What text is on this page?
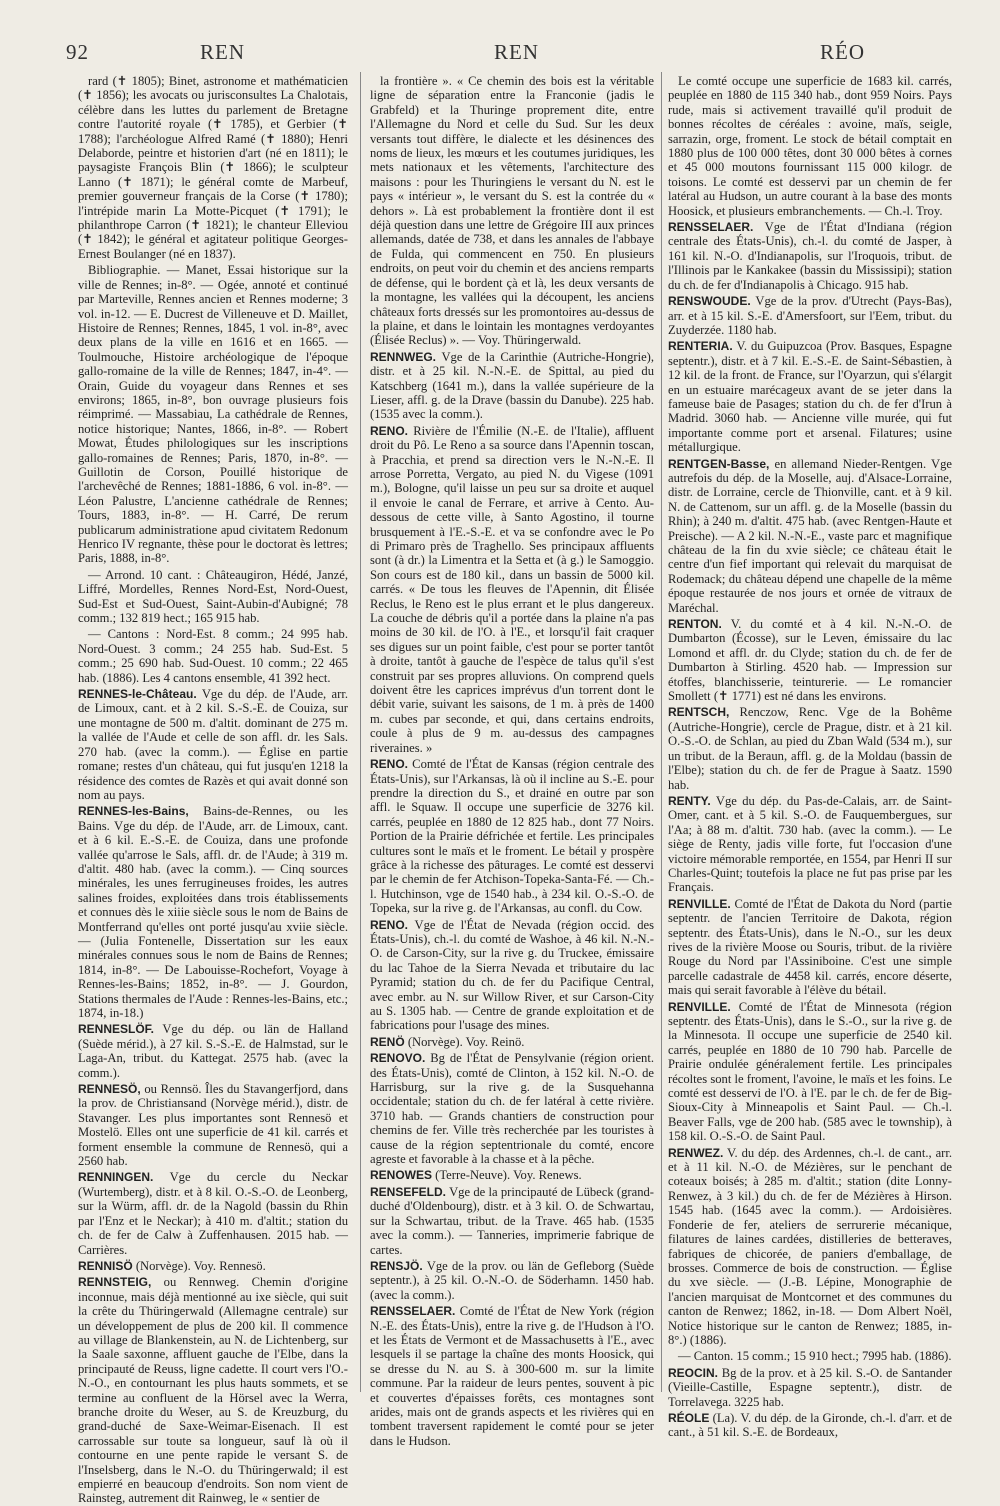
92	REN	REN	RÉO

rard (✝ 1805); Binet, astronome et mathématicien (✝ 1856); les avocats ou jurisconsultes La Chalotais, célèbre dans les luttes du parlement de Bretagne contre l'autorité royale (✝ 1785), et Gerbier (✝ 1788); l'archéologue Alfred Ramé (✝ 1880); Henri Delaborde, peintre et historien d'art (né en 1811); le paysagiste François Blin (✝ 1866); le sculpteur Lanno (✝ 1871); le général comte de Marbeuf, premier gouverneur français de la Corse (✝ 1780); l'intrépide marin La Motte-Picquet (✝ 1791); le philanthrope Carron (✝ 1821); le chanteur Elleviou (✝ 1842); le général et agitateur politique Georges-Ernest Boulanger (né en 1837).

Bibliographie. — Manet, Essai historique sur la ville de Rennes; in-8°. — Ogée, annoté et continué par Marteville, Rennes ancien et Rennes moderne; 3 vol. in-12. — E. Ducrest de Villeneuve et D. Maillet, Histoire de Rennes; Rennes, 1845, 1 vol. in-8°, avec deux plans de la ville en 1616 et en 1665. — Toulmouche, Histoire archéologique de l'époque gallo-romaine de la ville de Rennes; 1847, in-4°. — Orain, Guide du voyageur dans Rennes et ses environs; 1865, in-8°, bon ouvrage plusieurs fois réimprimé. — Massabiau, La cathédrale de Rennes, notice historique; Nantes, 1866, in-8°. — Robert Mowat, Études philologiques sur les inscriptions gallo-romaines de Rennes; Paris, 1870, in-8°. — Guillotin de Corson, Pouillé historique de l'archevêché de Rennes; 1881-1886, 6 vol. in-8°. — Léon Palustre, L'ancienne cathédrale de Rennes; Tours, 1883, in-8°. — H. Carré, De rerum publicarum administratione apud civitatem Redonum Henrico IV regnante, thèse pour le doctorat ès lettres; Paris, 1888, in-8°.

— Arrond. 10 cant. : Châteaugiron, Hédé, Janzé, Liffré, Mordelles, Rennes Nord-Est, Nord-Ouest, Sud-Est et Sud-Ouest, Saint-Aubin-d'Aubigné; 78 comm.; 132 819 hect.; 165 915 hab.

— Cantons : Nord-Est. 8 comm.; 24 995 hab. Nord-Ouest. 3 comm.; 24 255 hab. Sud-Est. 5 comm.; 25 690 hab. Sud-Ouest. 10 comm.; 22 465 hab. (1886). Les 4 cantons ensemble, 41 392 hect.

RENNES-le-Château. Vge du dép. de l'Aude, arr. de Limoux, cant. et à 2 kil. S.-S.-E. de Couiza, sur une montagne de 500 m. d'altit. dominant de 275 m. la vallée de l'Aude et celle de son affl. dr. les Sals. 270 hab. (avec la comm.). — Église en partie romane; restes d'un château, qui fut jusqu'en 1218 la résidence des comtes de Razès et qui avait donné son nom au pays.

RENNES-les-Bains, Bains-de-Rennes, ou les Bains. Vge du dép. de l'Aude, arr. de Limoux, cant. et à 6 kil. E.-S.-E. de Couiza, dans une profonde vallée qu'arrose le Sals, affl. dr. de l'Aude; à 319 m. d'altit. 480 hab. (avec la comm.). — Cinq sources minérales, les unes ferrugineuses froides, les autres salines froides, exploitées dans trois établissements et connues dès le xiiie siècle sous le nom de Bains de Montferrand qu'elles ont porté jusqu'au xviie siècle. — (Julia Fontenelle, Dissertation sur les eaux minérales connues sous le nom de Bains de Rennes; 1814, in-8°. — De Labouisse-Rochefort, Voyage à Rennes-les-Bains; 1852, in-8°. — J. Gourdon, Stations thermales de l'Aude : Rennes-les-Bains, etc.; 1874, in-18.)

RENNESLÖF. Vge du dép. ou län de Halland (Suède mérid.), à 27 kil. S.-S.-E. de Halmstad, sur le Laga-An, tribut. du Kattegat. 2575 hab. (avec la comm.).

RENNESÖ, ou Rennsö. Îles du Stavangerfjord, dans la prov. de Christiansand (Norvège mérid.), distr. de Stavanger. Les plus importantes sont Rennesö et Mostelö. Elles ont une superficie de 41 kil. carrés et forment ensemble la commune de Rennesö, qui a 2560 hab.

RENNINGEN. Vge du cercle du Neckar (Wurtemberg), distr. et à 8 kil. O.-S.-O. de Leonberg, sur la Würm, affl. dr. de la Nagold (bassin du Rhin par l'Enz et le Neckar); à 410 m. d'altit.; station du ch. de fer de Calw à Zuffenhausen. 2015 hab. — Carrières.

RENNISÖ (Norvège). Voy. Rennesö.

RENNSTEIG, ou Rennweg. Chemin d'origine inconnue, mais déjà mentionné au ixe siècle, qui suit la crête du Thüringerwald (Allemagne centrale) sur un développement de plus de 200 kil. Il commence au village de Blankenstein, au N. de Lichtenberg, sur la Saale saxonne, affluent gauche de l'Elbe, dans la principauté de Reuss, ligne cadette. Il court vers l'O.-N.-O., en contournant les plus hauts sommets, et se termine au confluent de la Hörsel avec la Werra, branche droite du Weser, au S. de Kreuzburg, du grand-duché de Saxe-Weimar-Eisenach. Il est carrossable sur toute sa longueur, sauf là où il contourne en une pente rapide le versant S. de l'Inselsberg, dans le N.-O. du Thüringerwald; il est empierré en beaucoup d'endroits. Son nom vient de Rainsteg, autrement dit Rainweg, le « sentier de

la frontière ». « Ce chemin des bois est la véritable ligne de séparation entre la Franconie (jadis le Grabfeld) et la Thuringe proprement dite, entre l'Allemagne du Nord et celle du Sud. Sur les deux versants tout diffère, le dialecte et les désinences des noms de lieux, les mœurs et les coutumes juridiques, les mets nationaux et les vêtements, l'architecture des maisons : pour les Thuringiens le versant du N. est le pays « intérieur », le versant du S. est la contrée du « dehors ». Là est probablement la frontière dont il est déjà question dans une lettre de Grégoire III aux princes allemands, datée de 738, et dans les annales de l'abbaye de Fulda, qui commencent en 750. En plusieurs endroits, on peut voir du chemin et des anciens remparts de défense, qui le bordent çà et là, les deux versants de la montagne, les vallées qui la découpent, les anciens châteaux forts dressés sur les promontoires au-dessus de la plaine, et dans le lointain les montagnes verdoyantes (Élisée Reclus) ». — Voy. Thüringerwald.

RENNWEG. Vge de la Carinthie (Autriche-Hongrie), distr. et à 25 kil. N.-N.-E. de Spittal, au pied du Katschberg (1641 m.), dans la vallée supérieure de la Lieser, affl. g. de la Drave (bassin du Danube). 225 hab. (1535 avec la comm.).

RENO. Rivière de l'Émilie (N.-E. de l'Italie), affluent droit du Pô. Le Reno a sa source dans l'Apennin toscan, à Pracchia, et prend sa direction vers le N.-N.-E. Il arrose Porretta, Vergato, au pied N. du Vigese (1091 m.), Bologne, qu'il laisse un peu sur sa droite et auquel il envoie le canal de Ferrare, et arrive à Cento. Au-dessous de cette ville, à Santo Agostino, il tourne brusquement à l'E.-S.-E. et va se confondre avec le Po di Primaro près de Traghello. Ses principaux affluents sont (à dr.) la Limentra et la Setta et (à g.) le Samoggio. Son cours est de 180 kil., dans un bassin de 5000 kil. carrés. « De tous les fleuves de l'Apennin, dit Élisée Reclus, le Reno est le plus errant et le plus dangereux. La couche de débris qu'il a portée dans la plaine n'a pas moins de 30 kil. de l'O. à l'E., et lorsqu'il fait craquer ses digues sur un point faible, c'est pour se porter tantôt à droite, tantôt à gauche de l'espèce de talus qu'il s'est construit par ses propres alluvions. On comprend quels doivent être les caprices imprévus d'un torrent dont le débit varie, suivant les saisons, de 1 m. à près de 1400 m. cubes par seconde, et qui, dans certains endroits, coule à plus de 9 m. au-dessus des campagnes riveraines. »

RENO. Comté de l'État de Kansas (région centrale des États-Unis), sur l'Arkansas, là où il incline au S.-E. pour prendre la direction du S., et drainé en outre par son affl. le Squaw. Il occupe une superficie de 3276 kil. carrés, peuplée en 1880 de 12 825 hab., dont 77 Noirs. Portion de la Prairie défrichée et fertile. Les principales cultures sont le maïs et le froment. Le bétail y prospère grâce à la richesse des pâturages. Le comté est desservi par le chemin de fer Atchison-Topeka-Santa-Fé. — Ch.-l. Hutchinson, vge de 1540 hab., à 234 kil. O.-S.-O. de Topeka, sur la rive g. de l'Arkansas, au confl. du Cow.

RENO. Vge de l'État de Nevada (région occid. des États-Unis), ch.-l. du comté de Washoe, à 46 kil. N.-N.-O. de Carson-City, sur la rive g. du Truckee, émissaire du lac Tahoe de la Sierra Nevada et tributaire du lac Pyramid; station du ch. de fer du Pacifique Central, avec embr. au N. sur Willow River, et sur Carson-City au S. 1305 hab. — Centre de grande exploitation et de fabrications pour l'usage des mines.

RENÖ (Norvège). Voy. Reinö.

RENOVO. Bg de l'État de Pensylvanie (région orient. des États-Unis), comté de Clinton, à 152 kil. N.-O. de Harrisburg, sur la rive g. de la Susquehanna occidentale; station du ch. de fer latéral à cette rivière. 3710 hab. — Grands chantiers de construction pour chemins de fer. Ville très recherchée par les touristes à cause de la région septentrionale du comté, encore agreste et favorable à la chasse et à la pêche.

RENOWES (Terre-Neuve). Voy. Renews.

RENSEFELD. Vge de la principauté de Lübeck (grand-duché d'Oldenbourg), distr. et à 3 kil. O. de Schwartau, sur la Schwartau, tribut. de la Trave. 465 hab. (1535 avec la comm.). — Tanneries, imprimerie fabrique de cartes.

RENSJÖ. Vge de la prov. ou län de Gefleborg (Suède septentr.), à 25 kil. O.-N.-O. de Söderhamn. 1450 hab. (avec la comm.).

RENSSELAER. Comté de l'État de New York (région N.-E. des États-Unis), entre la rive g. de l'Hudson à l'O. et les États de Vermont et de Massachusetts à l'E., avec lesquels il se partage la chaîne des monts Hoosick, qui se dresse du N. au S. à 300-600 m. sur la limite commune. Par la raideur de leurs pentes, souvent à pic et couvertes d'épaisses forêts, ces montagnes sont arides, mais ont de grands aspects et les rivières qui en tombent traversent rapidement le comté pour se jeter dans le Hudson.

Le comté occupe une superficie de 1683 kil. carrés, peuplée en 1880 de 115 340 hab., dont 959 Noirs. Pays rude, mais si activement travaillé qu'il produit de bonnes récoltes de céréales : avoine, maïs, seigle, sarrazin, orge, froment. Le stock de bétail comptait en 1880 plus de 100 000 têtes, dont 30 000 bêtes à cornes et 45 000 moutons fournissant 115 000 kilogr. de toisons. Le comté est desservi par un chemin de fer latéral au Hudson, un autre courant à la base des monts Hoosick, et plusieurs embranchements. — Ch.-l. Troy.

RENSSELAER. Vge de l'État d'Indiana (région centrale des États-Unis), ch.-l. du comté de Jasper, à 161 kil. N.-O. d'Indianapolis, sur l'Iroquois, tribut. de l'Illinois par le Kankakee (bassin du Mississipi); station du ch. de fer d'Indianapolis à Chicago. 915 hab.

RENSWOUDE. Vge de la prov. d'Utrecht (Pays-Bas), arr. et à 15 kil. S.-E. d'Amersfoort, sur l'Eem, tribut. du Zuyderzée. 1180 hab.

RENTERIA. V. du Guipuzcoa (Prov. Basques, Espagne septentr.), distr. et à 7 kil. E.-S.-E. de Saint-Sébastien, à 12 kil. de la front. de France, sur l'Oyarzun, qui s'élargit en un estuaire marécageux avant de se jeter dans la fameuse baie de Pasages; station du ch. de fer d'Irun à Madrid. 3060 hab. — Ancienne ville murée, qui fut importante comme port et arsenal. Filatures; usine métallurgique.

RENTGEN-Basse, en allemand Nieder-Rentgen. Vge autrefois du dép. de la Moselle, auj. d'Alsace-Lorraine, distr. de Lorraine, cercle de Thionville, cant. et à 9 kil. N. de Cattenom, sur un affl. g. de la Moselle (bassin du Rhin); à 240 m. d'altit. 475 hab. (avec Rentgen-Haute et Preische). — A 2 kil. N.-N.-E., vaste parc et magnifique château de la fin du xvie siècle; ce château était le centre d'un fief important qui relevait du marquisat de Rodemack; du château dépend une chapelle de la même époque restaurée de nos jours et ornée de vitraux de Maréchal.

RENTON. V. du comté et à 4 kil. N.-N.-O. de Dumbarton (Écosse), sur le Leven, émissaire du lac Lomond et affl. dr. du Clyde; station du ch. de fer de Dumbarton à Stirling. 4520 hab. — Impression sur étoffes, blanchisserie, teinturerie. — Le romancier Smollett (✝ 1771) est né dans les environs.

RENTSCH, Renczow, Renc. Vge de la Bohême (Autriche-Hongrie), cercle de Prague, distr. et à 21 kil. O.-S.-O. de Schlan, au pied du Zban Wald (534 m.), sur un tribut. de la Beraun, affl. g. de la Moldau (bassin de l'Elbe); station du ch. de fer de Prague à Saatz. 1590 hab.

RENTY. Vge du dép. du Pas-de-Calais, arr. de Saint-Omer, cant. et à 5 kil. S.-O. de Fauquembergues, sur l'Aa; à 88 m. d'altit. 730 hab. (avec la comm.). — Le siège de Renty, jadis ville forte, fut l'occasion d'une victoire mémorable remportée, en 1554, par Henri II sur Charles-Quint; toutefois la place ne fut pas prise par les Français.

RENVILLE. Comté de l'État de Dakota du Nord (partie septentr. de l'ancien Territoire de Dakota, région septentr. des États-Unis), dans le N.-O., sur les deux rives de la rivière Moose ou Souris, tribut. de la rivière Rouge du Nord par l'Assiniboine. C'est une simple parcelle cadastrale de 4458 kil. carrés, encore déserte, mais qui serait favorable à l'élève du bétail.

RENVILLE. Comté de l'État de Minnesota (région septentr. des États-Unis), dans le S.-O., sur la rive g. de la Minnesota. Il occupe une superficie de 2540 kil. carrés, peuplée en 1880 de 10 790 hab. Parcelle de Prairie ondulée généralement fertile. Les principales récoltes sont le froment, l'avoine, le maïs et les foins. Le comté est desservi de l'O. à l'E. par le ch. de fer de Big-Sioux-City à Minneapolis et Saint Paul. — Ch.-l. Beaver Falls, vge de 200 hab. (585 avec le township), à 158 kil. O.-S.-O. de Saint Paul.

RENWEZ. V. du dép. des Ardennes, ch.-l. de cant., arr. et à 11 kil. N.-O. de Mézières, sur le penchant de coteaux boisés; à 285 m. d'altit.; station (dite Lonny-Renwez, à 3 kil.) du ch. de fer de Mézières à Hirson. 1545 hab. (1645 avec la comm.). — Ardoisières. Fonderie de fer, ateliers de serrurerie mécanique, filatures de laines cardées, distilleries de betteraves, fabriques de chicorée, de paniers d'emballage, de brosses. Commerce de bois de construction. — Église du xve siècle. — (J.-B. Lépine, Monographie de l'ancien marquisat de Montcornet et des communes du canton de Renwez; 1862, in-18. — Dom Albert Noël, Notice historique sur le canton de Renwez; 1885, in-8°.) (1886).

— Canton. 15 comm.; 15 910 hect.; 7995 hab. (1886).

REOCIN. Bg de la prov. et à 25 kil. S.-O. de Santander (Vieille-Castille, Espagne septentr.), distr. de Torrelavega. 3225 hab.

RÉOLE (La). V. du dép. de la Gironde, ch.-l. d'arr. et de cant., à 51 kil. S.-E. de Bordeaux,
